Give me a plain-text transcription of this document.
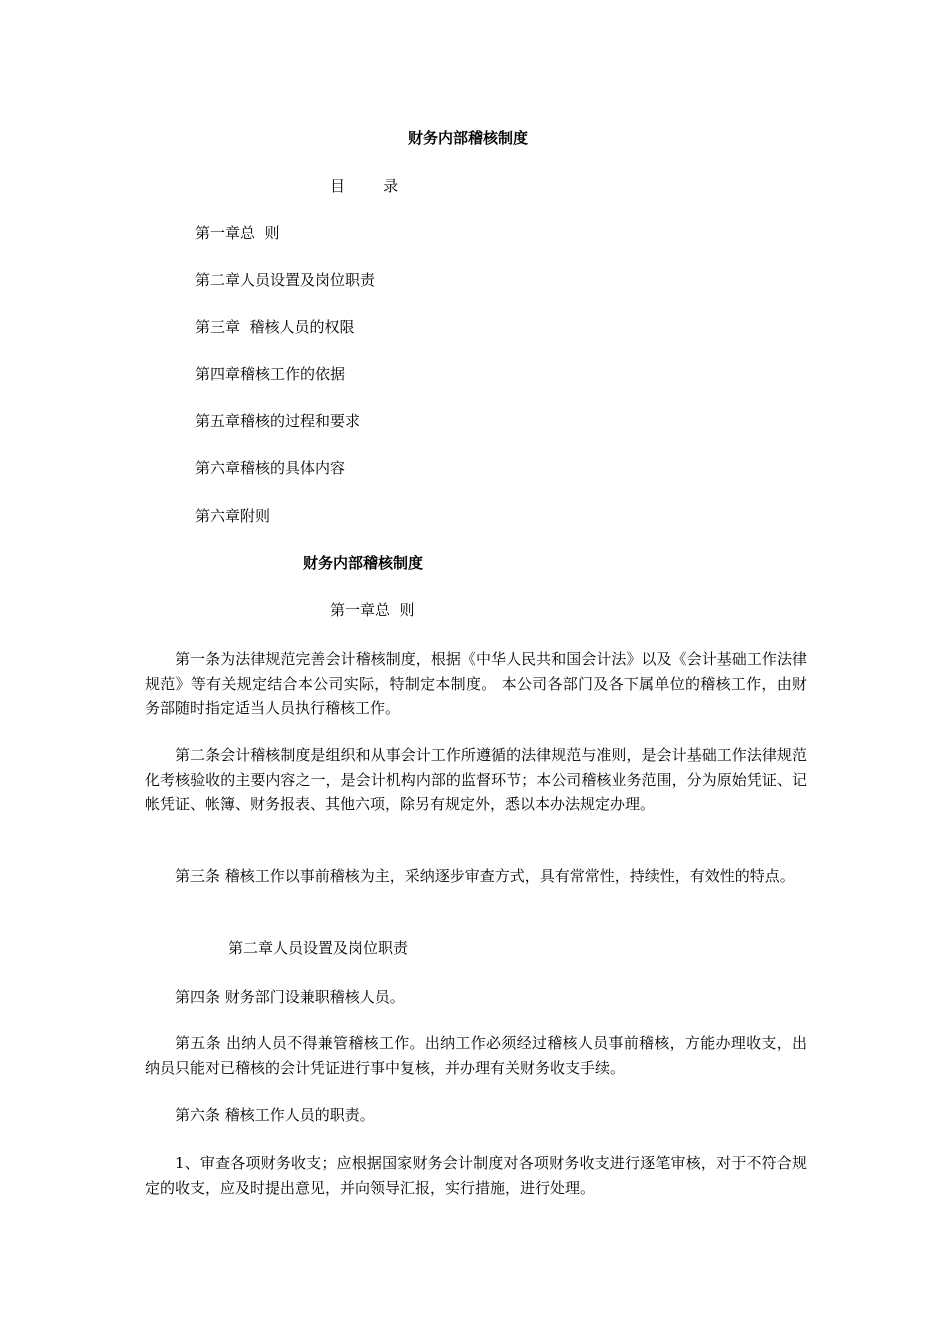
财务内部稽核制度

目        录

第一章总  则

第二章人员设置及岗位职责

第三章  稽核人员的权限

第四章稽核工作的依据

第五章稽核的过程和要求

第六章稽核的具体内容

第六章附则

财务内部稽核制度

第一章总  则

第一条为法律规范完善会计稽核制度，根据《中华人民共和国会计法》以及《会计基础工作法律规范》等有关规定结合本公司实际，特制定本制度。 本公司各部门及各下属单位的稽核工作，由财务部随时指定适当人员执行稽核工作。

第二条会计稽核制度是组织和从事会计工作所遵循的法律规范与准则，是会计基础工作法律规范化考核验收的主要内容之一，是会计机构内部的监督环节；本公司稽核业务范围，分为原始凭证、记帐凭证、帐簿、财务报表、其他六项，除另有规定外，悉以本办法规定办理。

第三条 稽核工作以事前稽核为主，采纳逐步审查方式，具有常常性，持续性，有效性的特点。

第二章人员设置及岗位职责

第四条 财务部门设兼职稽核人员。

第五条 出纳人员不得兼管稽核工作。出纳工作必须经过稽核人员事前稽核，方能办理收支，出纳员只能对已稽核的会计凭证进行事中复核，并办理有关财务收支手续。

第六条 稽核工作人员的职责。

1、审查各项财务收支；应根据国家财务会计制度对各项财务收支进行逐笔审核，对于不符合规定的收支，应及时提出意见，并向领导汇报，实行措施，进行处理。
